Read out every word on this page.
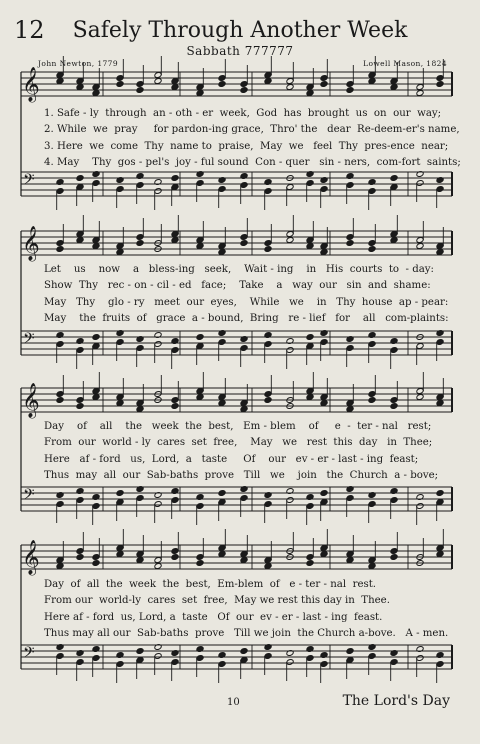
12	Safely Through Another Week
Sabbath 777777
John Newton, 1779	Lowell Mason, 1824
𝄞
𝄢
𝄞
𝄢
𝄞
𝄢
𝄞
𝄢
1. Safe - ly  through  an - oth - er  week,  God  has  brought  us  on  our  way;
2. While  we  pray     for pardon-ing grace,  Thro' the   dear  Re-deem-er's name,
3. Here  we  come  Thy  name to  praise,  May  we   feel  Thy  pres-ence  near;
4. May    Thy  gos - pel's  joy - ful sound  Con - quer   sin - ners,  com-fort  saints;
Let    us    now    a   bless-ing   seek,    Wait - ing    in   His  courts  to  - day:
Show  Thy   rec - on - cil - ed   face;    Take    a   way  our   sin  and  shame:
May   Thy    glo - ry   meet  our  eyes,    While   we    in   Thy  house  ap - pear:
May    the  fruits  of   grace  a - bound,  Bring   re - lief   for    all   com-plaints:
Day    of    all    the   week  the  best,   Em - blem    of     e  -  ter - nal   rest;
From  our  world - ly  cares  set  free,    May   we   rest  this  day   in  Thee;
Here   af - ford   us,  Lord,  a   taste     Of    our   ev - er - last - ing  feast;
Thus  may  all  our  Sab-baths  prove   Till   we    join   the  Church  a - bove;
Day  of  all  the  week  the  best,  Em-blem  of   e - ter - nal  rest.
From our  world-ly  cares  set  free,  May we rest this day in  Thee.
Here af - ford  us, Lord, a  taste   Of  our  ev - er - last - ing  feast.
Thus may all our  Sab-baths  prove   Till we join  the Church a-bove.   A - men.
10	The Lord's Day
